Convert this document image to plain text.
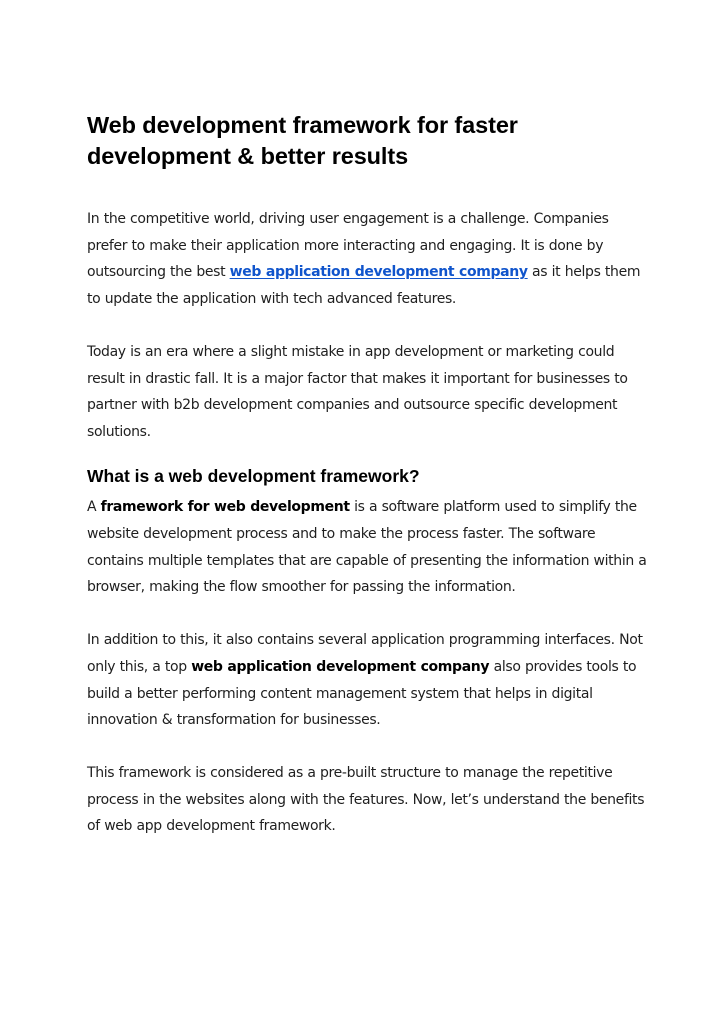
Web development framework for faster
development & better results

In the competitive world, driving user engagement is a challenge. Companies prefer to make their application more interacting and engaging. It is done by outsourcing the best web application development company as it helps them to update the application with tech advanced features.

Today is an era where a slight mistake in app development or marketing could result in drastic fall. It is a major factor that makes it important for businesses to partner with b2b development companies and outsource specific development solutions.

What is a web development framework?

A framework for web development is a software platform used to simplify the website development process and to make the process faster. The software contains multiple templates that are capable of presenting the information within a browser, making the flow smoother for passing the information.

In addition to this, it also contains several application programming interfaces. Not only this, a top web application development company also provides tools to build a better performing content management system that helps in digital innovation & transformation for businesses.

This framework is considered as a pre-built structure to manage the repetitive process in the websites along with the features. Now, let’s understand the benefits of web app development framework.
